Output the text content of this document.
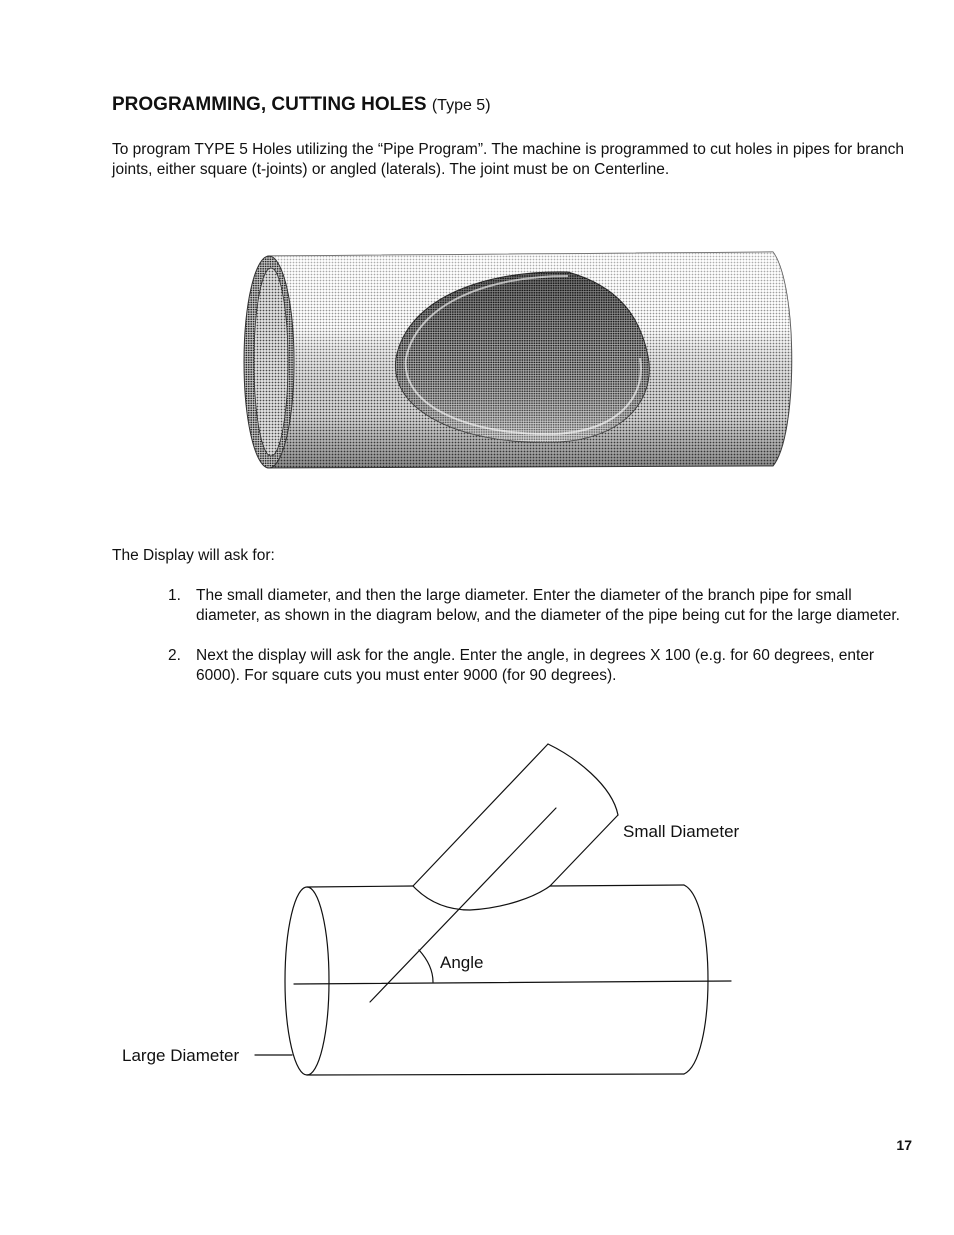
PROGRAMMING, CUTTING HOLES (Type 5)

To program TYPE 5 Holes utilizing the “Pipe Program”. The machine is programmed to cut holes in pipes for branch joints, either square (t-joints) or angled (laterals). The joint must be on Centerline.

The Display will ask for:

1. The small diameter, and then the large diameter. Enter the diameter of the branch pipe for small diameter, as shown in the diagram below, and the diameter of the pipe being cut for the large diameter.
2. Next the display will ask for the angle. Enter the angle, in degrees X 100 (e.g. for 60 degrees, enter 6000). For square cuts you must enter 9000 (for 90 degrees).
Small Diameter
Angle
Large Diameter

17
